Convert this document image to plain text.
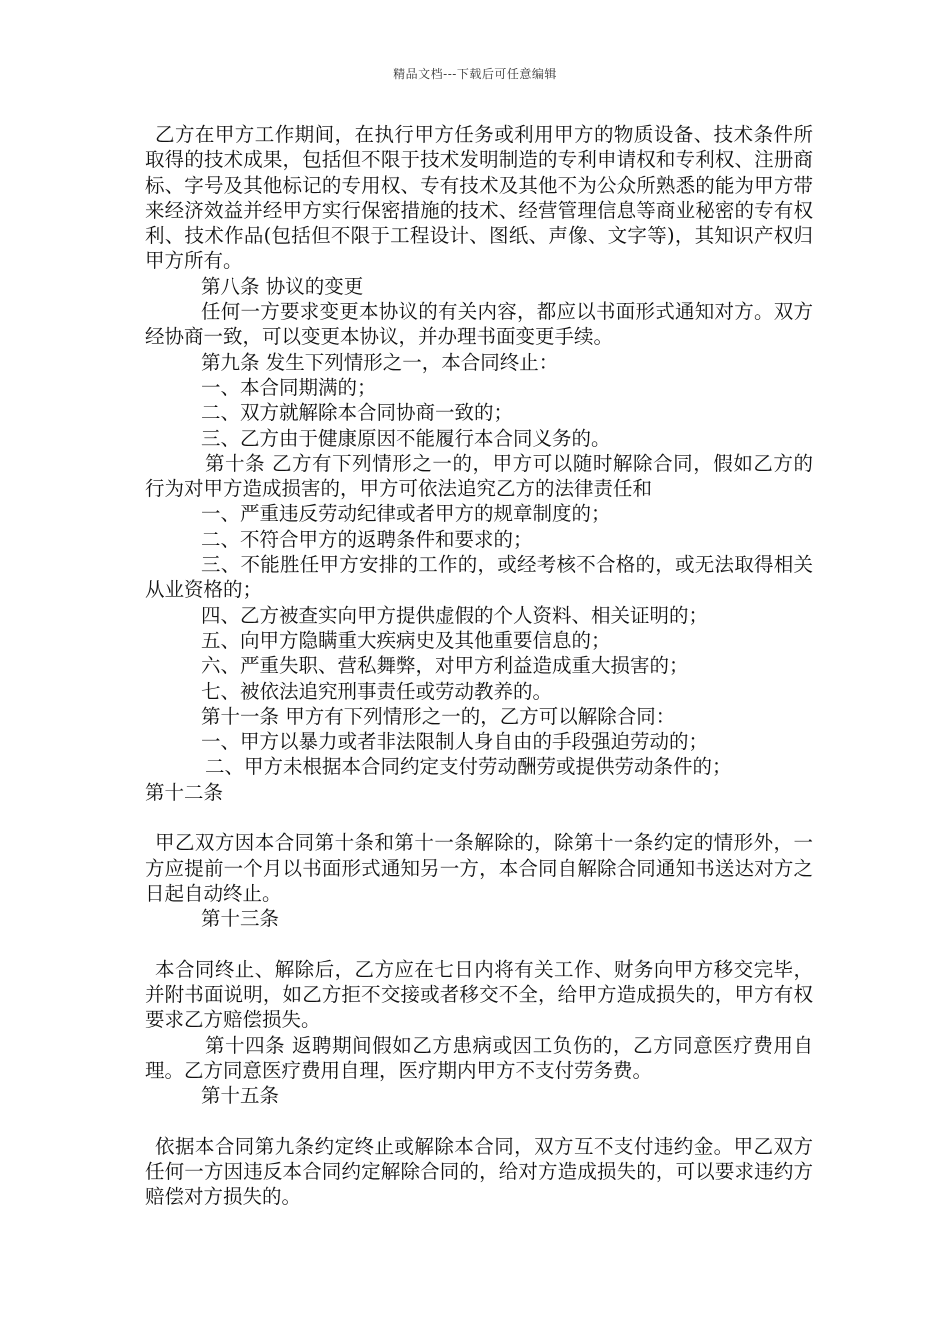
精品文档---下载后可任意编辑

乙方在甲方工作期间，在执行甲方任务或利用甲方的物质设备、技术条件所取得的技术成果，包括但不限于技术发明制造的专利申请权和专利权、注册商标、字号及其他标记的专用权、专有技术及其他不为公众所熟悉的能为甲方带来经济效益并经甲方实行保密措施的技术、经营管理信息等商业秘密的专有权利、技术作品(包括但不限于工程设计、图纸、声像、文字等)，其知识产权归甲方所有。

第八条 协议的变更

任何一方要求变更本协议的有关内容，都应以书面形式通知对方。双方经协商一致，可以变更本协议，并办理书面变更手续。

第九条 发生下列情形之一，本合同终止：

一、本合同期满的；

二、双方就解除本合同协商一致的；

三、乙方由于健康原因不能履行本合同义务的。

第十条 乙方有下列情形之一的，甲方可以随时解除合同，假如乙方的行为对甲方造成损害的，甲方可依法追究乙方的法律责任和

一、严重违反劳动纪律或者甲方的规章制度的；

二、不符合甲方的返聘条件和要求的；

三、不能胜任甲方安排的工作的，或经考核不合格的，或无法取得相关从业资格的；

四、乙方被查实向甲方提供虚假的个人资料、相关证明的；

五、向甲方隐瞒重大疾病史及其他重要信息的；

六、严重失职、营私舞弊，对甲方利益造成重大损害的；

七、被依法追究刑事责任或劳动教养的。

第十一条 甲方有下列情形之一的，乙方可以解除合同：

一、甲方以暴力或者非法限制人身自由的手段强迫劳动的；

二、甲方未根据本合同约定支付劳动酬劳或提供劳动条件的；

第十二条

甲乙双方因本合同第十条和第十一条解除的，除第十一条约定的情形外，一方应提前一个月以书面形式通知另一方，本合同自解除合同通知书送达对方之日起自动终止。

第十三条

本合同终止、解除后，乙方应在七日内将有关工作、财务向甲方移交完毕，并附书面说明，如乙方拒不交接或者移交不全，给甲方造成损失的，甲方有权要求乙方赔偿损失。

第十四条 返聘期间假如乙方患病或因工负伤的，乙方同意医疗费用自理。乙方同意医疗费用自理，医疗期内甲方不支付劳务费。

第十五条

依据本合同第九条约定终止或解除本合同，双方互不支付违约金。甲乙双方任何一方因违反本合同约定解除合同的，给对方造成损失的，可以要求违约方赔偿对方损失的。
